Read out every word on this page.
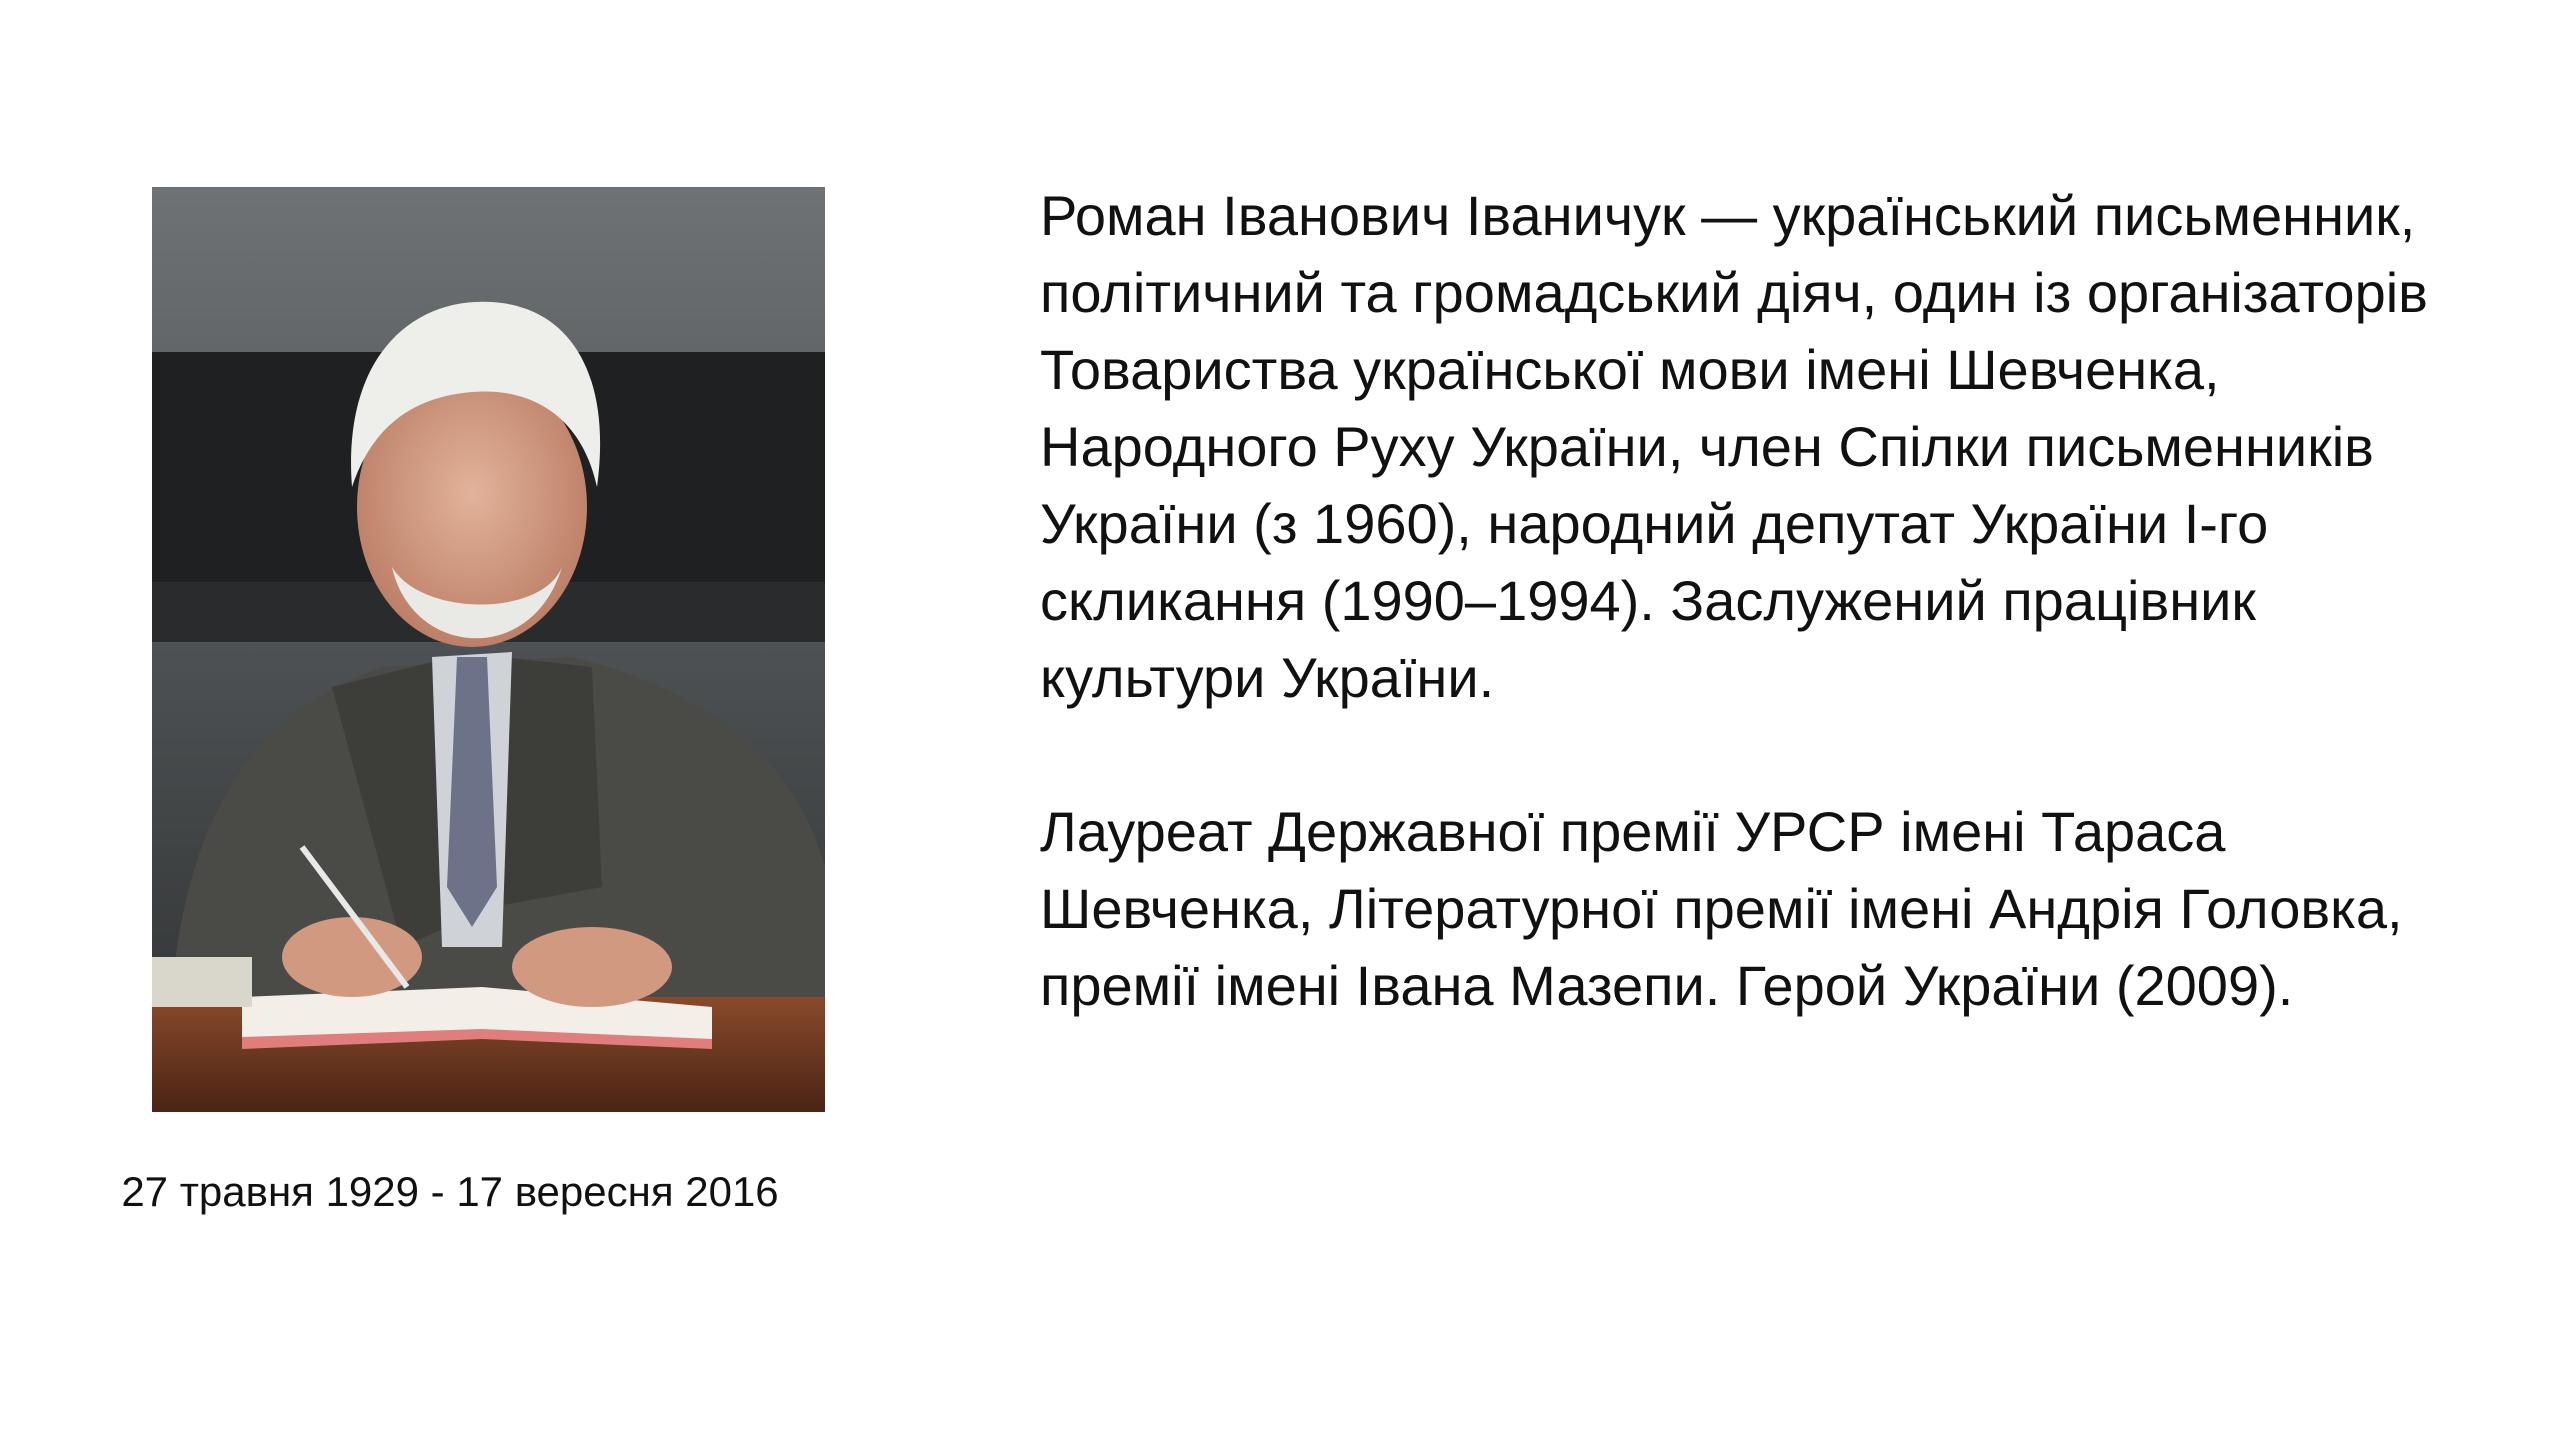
27 травня 1929 - 17 вересня 2016

Роман Іванович Іваничук — український письменник, політичний та громадський діяч, один із організаторів Товариства української мови імені Шевченка, Народного Руху України, член Спілки письменників України (з 1960), народний депутат України І-го скликання (1990–1994). Заслужений працівник культури України.

Лауреат Державної премії УРСР імені Тараса Шевченка, Літературної премії імені Андрія Головка, премії імені Івана Мазепи. Герой України (2009).
